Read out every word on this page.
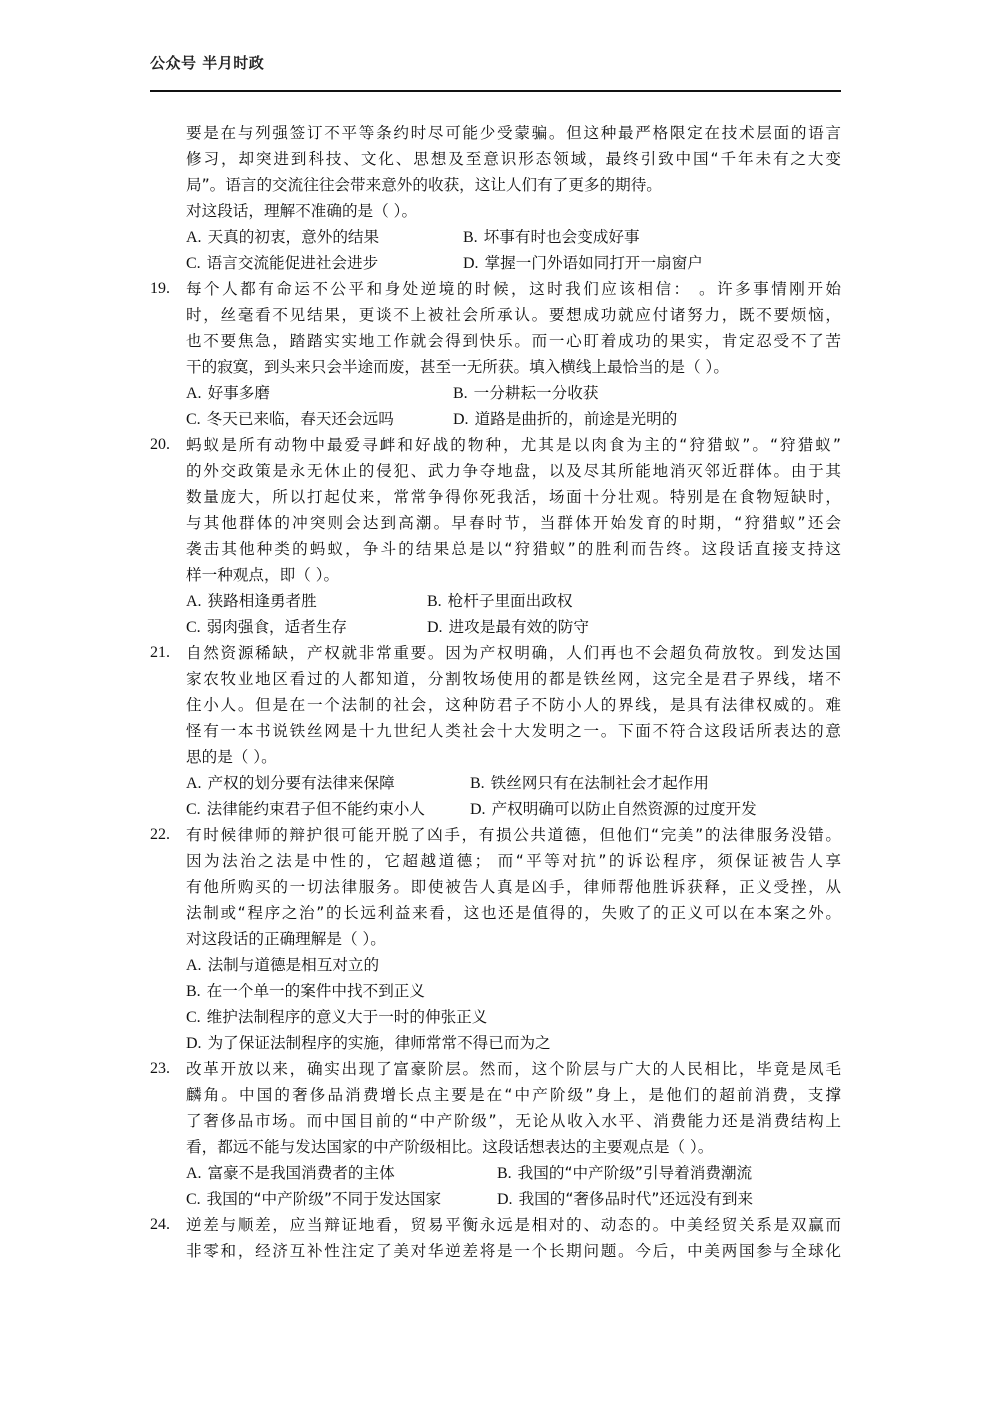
公众号 半月时政
要是在与列强签订不平等条约时尽可能少受蒙骗。但这种最严格限定在技术层面的语言
修习，却突进到科技、文化、思想及至意识形态领域，最终引致中国“千年未有之大变
局”。语言的交流往往会带来意外的收获，这让人们有了更多的期待。
对这段话，理解不准确的是（ ）。
A. 天真的初衷，意外的结果	B. 坏事有时也会变成好事
C. 语言交流能促进社会进步	D. 掌握一门外语如同打开一扇窗户
19. 每个人都有命运不公平和身处逆境的时候，这时我们应该相信： 。许多事情刚开始
时，丝毫看不见结果，更谈不上被社会所承认。要想成功就应付诸努力，既不要烦恼，
也不要焦急，踏踏实实地工作就会得到快乐。而一心盯着成功的果实，肯定忍受不了苦
干的寂寞，到头来只会半途而废，甚至一无所获。填入横线上最恰当的是（ ）。
A. 好事多磨	B. 一分耕耘一分收获
C. 冬天已来临，春天还会远吗	D. 道路是曲折的，前途是光明的
20. 蚂蚁是所有动物中最爱寻衅和好战的物种，尤其是以肉食为主的“狩猎蚁”。“狩猎蚁”
的外交政策是永无休止的侵犯、武力争夺地盘，以及尽其所能地消灭邻近群体。由于其
数量庞大，所以打起仗来，常常争得你死我活，场面十分壮观。特别是在食物短缺时，
与其他群体的冲突则会达到高潮。早春时节，当群体开始发育的时期，“狩猎蚁”还会
袭击其他种类的蚂蚁，争斗的结果总是以“狩猎蚁”的胜利而告终。这段话直接支持这
样一种观点，即（ ）。
A. 狭路相逢勇者胜	B. 枪杆子里面出政权
C. 弱肉强食，适者生存	D. 进攻是最有效的防守
21. 自然资源稀缺，产权就非常重要。因为产权明确，人们再也不会超负荷放牧。到发达国
家农牧业地区看过的人都知道，分割牧场使用的都是铁丝网，这完全是君子界线，堵不
住小人。但是在一个法制的社会，这种防君子不防小人的界线，是具有法律权威的。难
怪有一本书说铁丝网是十九世纪人类社会十大发明之一。下面不符合这段话所表达的意
思的是（ ）。
A. 产权的划分要有法律来保障	B. 铁丝网只有在法制社会才起作用
C. 法律能约束君子但不能约束小人	D. 产权明确可以防止自然资源的过度开发
22. 有时候律师的辩护很可能开脱了凶手，有损公共道德，但他们“完美”的法律服务没错。
因为法治之法是中性的，它超越道德； 而“平等对抗”的诉讼程序，须保证被告人享
有他所购买的一切法律服务。即使被告人真是凶手，律师帮他胜诉获释，正义受挫，从
法制或“程序之治”的长远利益来看，这也还是值得的，失败了的正义可以在本案之外。
对这段话的正确理解是（ ）。
A. 法制与道德是相互对立的
B. 在一个单一的案件中找不到正义
C. 维护法制程序的意义大于一时的伸张正义
D. 为了保证法制程序的实施，律师常常不得已而为之
23. 改革开放以来，确实出现了富豪阶层。然而，这个阶层与广大的人民相比，毕竟是凤毛
麟角。中国的奢侈品消费增长点主要是在“中产阶级”身上，是他们的超前消费，支撑
了奢侈品市场。而中国目前的“中产阶级”，无论从收入水平、消费能力还是消费结构上
看，都远不能与发达国家的中产阶级相比。这段话想表达的主要观点是（ ）。
A. 富豪不是我国消费者的主体	B. 我国的“中产阶级”引导着消费潮流
C. 我国的“中产阶级”不同于发达国家	D. 我国的“奢侈品时代”还远没有到来
24. 逆差与顺差，应当辩证地看，贸易平衡永远是相对的、动态的。中美经贸关系是双赢而
非零和，经济互补性注定了美对华逆差将是一个长期问题。今后，中美两国参与全球化
